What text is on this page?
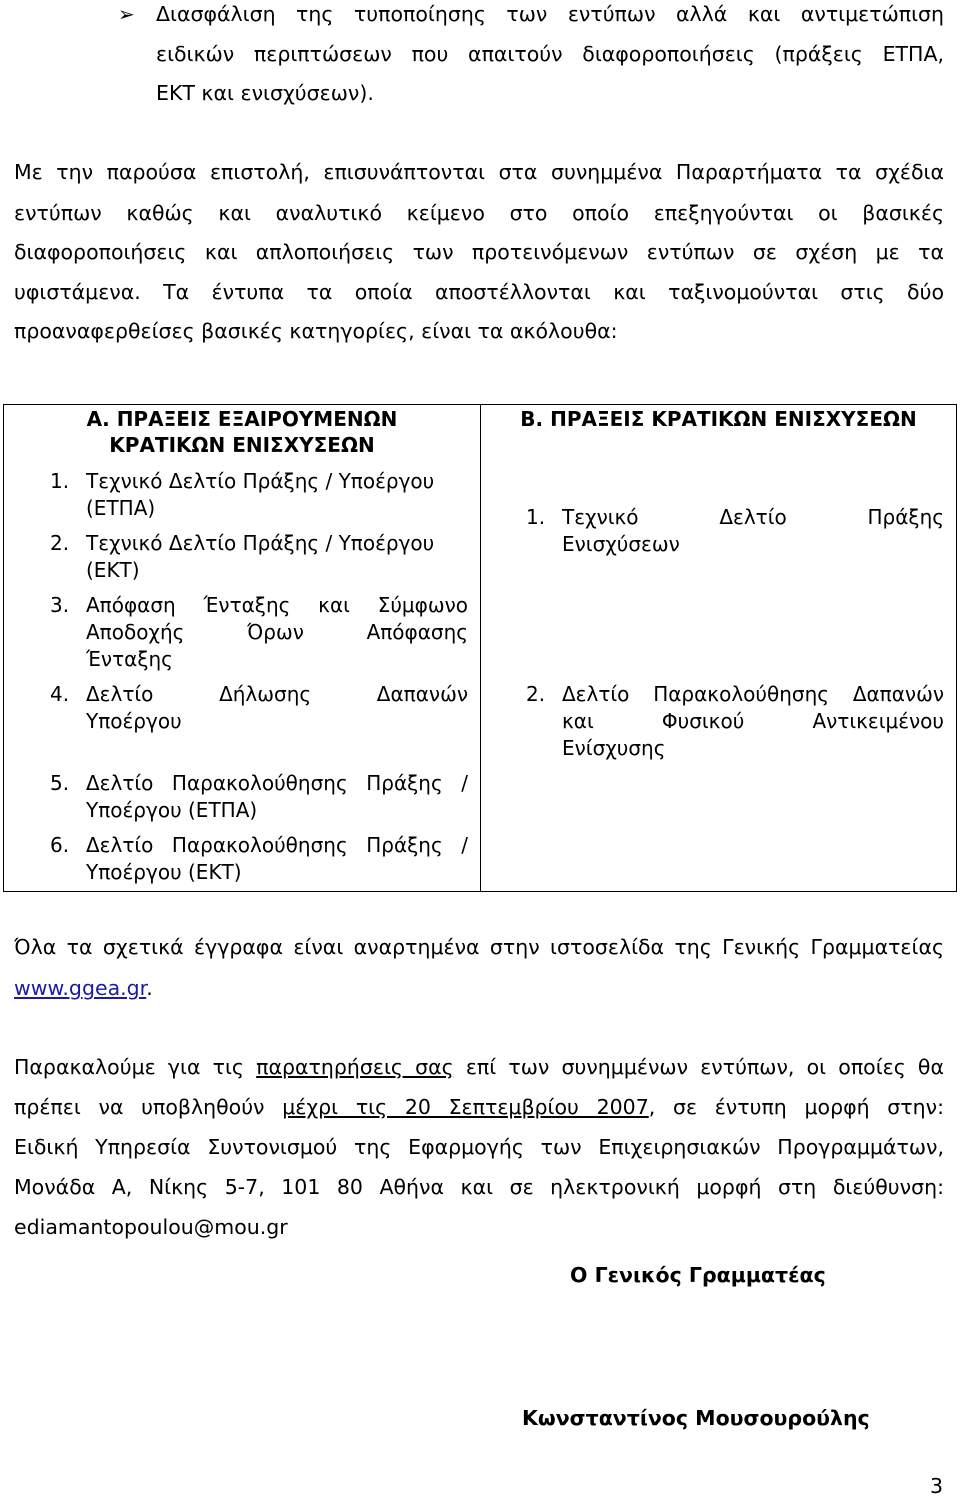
➢ Διασφάλιση της τυποποίησης των εντύπων αλλά και αντιμετώπιση
ειδικών περιπτώσεων που απαιτούν διαφοροποιήσεις (πράξεις ΕΤΠΑ,
ΕΚΤ και ενισχύσεων).
Με την παρούσα επιστολή, επισυνάπτονται στα συνημμένα Παραρτήματα τα σχέδια
εντύπων καθώς και αναλυτικό κείμενο στο οποίο επεξηγούνται οι βασικές
διαφοροποιήσεις και απλοποιήσεις των προτεινόμενων εντύπων σε σχέση με τα
υφιστάμενα. Τα έντυπα τα οποία αποστέλλονται και ταξινομούνται στις δύο
προαναφερθείσες βασικές κατηγορίες, είναι τα ακόλουθα:
Α. ΠΡΑΞΕΙΣ ΕΞΑΙΡΟΥΜΕΝΩΝ
ΚΡΑΤΙΚΩΝ ΕΝΙΣΧΥΣΕΩΝ
1. Τεχνικό Δελτίο Πράξης / Υποέργου
(ΕΤΠΑ)
2. Τεχνικό Δελτίο Πράξης / Υποέργου
(ΕΚΤ)
3. Απόφαση Ένταξης και Σύμφωνο
Αποδοχής Όρων Απόφασης
Ένταξης
4. Δελτίο Δήλωσης Δαπανών
Υποέργου
5. Δελτίο Παρακολούθησης Πράξης /
Υποέργου (ΕΤΠΑ)
6. Δελτίο Παρακολούθησης Πράξης /
Υποέργου (ΕΚΤ)
Β. ΠΡΑΞΕΙΣ ΚΡΑΤΙΚΩΝ ΕΝΙΣΧΥΣΕΩΝ
1. Τεχνικό Δελτίο Πράξης
Ενισχύσεων
2. Δελτίο Παρακολούθησης Δαπανών
και Φυσικού Αντικειμένου
Ενίσχυσης
Όλα τα σχετικά έγγραφα είναι αναρτημένα στην ιστοσελίδα της Γενικής Γραμματείας
www.ggea.gr.
Παρακαλούμε για τις παρατηρήσεις σας επί των συνημμένων εντύπων, οι οποίες θα
πρέπει να υποβληθούν μέχρι τις 20 Σεπτεμβρίου 2007, σε έντυπη μορφή στην:
Ειδική Υπηρεσία Συντονισμού της Εφαρμογής των Επιχειρησιακών Προγραμμάτων,
Μονάδα Α, Νίκης 5-7, 101 80 Αθήνα και σε ηλεκτρονική μορφή στη διεύθυνση:
ediamantopoulou@mou.gr
Ο Γενικός Γραμματέας
Κωνσταντίνος Μουσουρούλης
3
